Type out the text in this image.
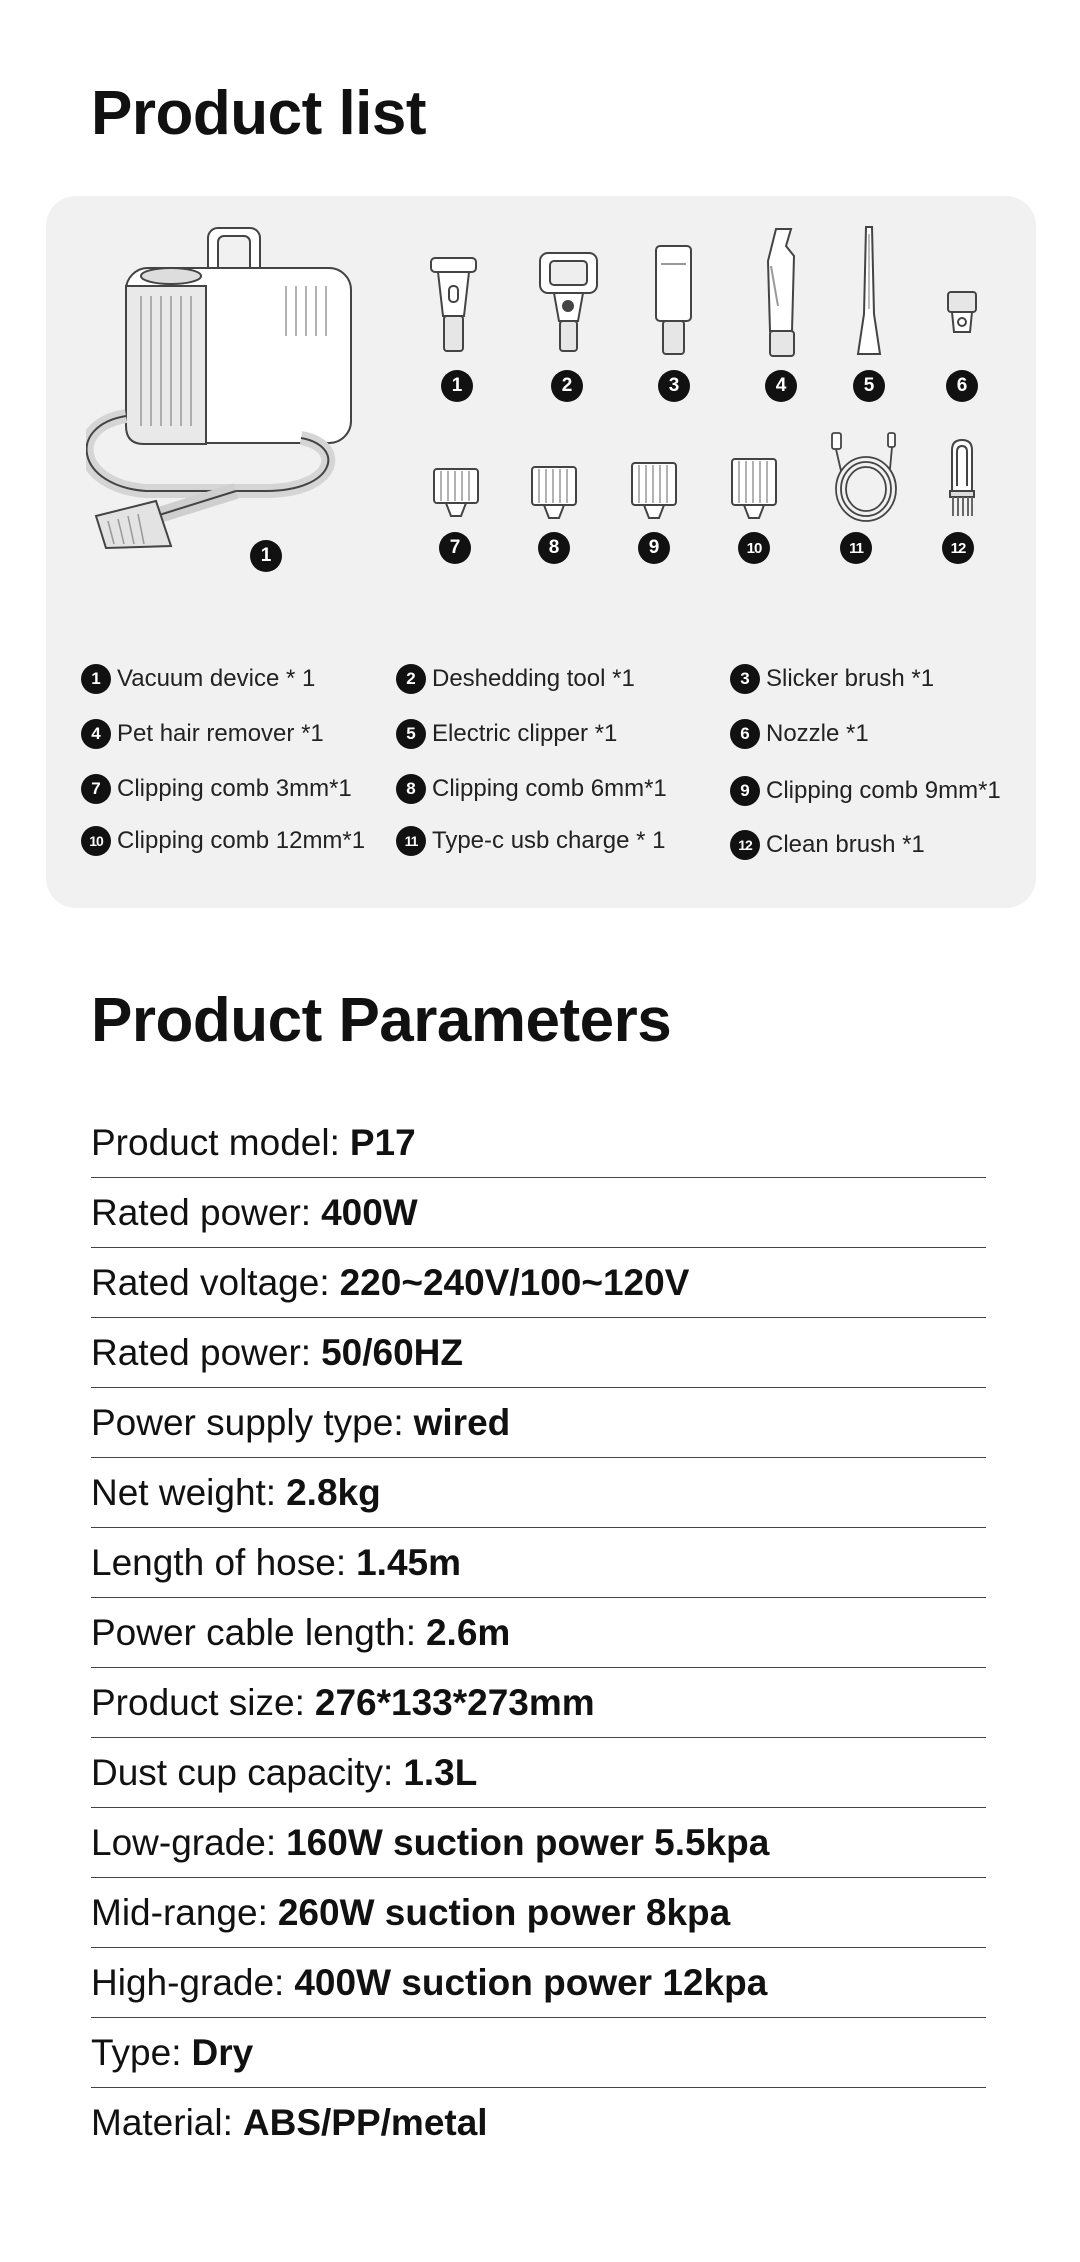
Product list
1
1	2	3	4	5	6
7	8	9	10	11	12
1 Vacuum device * 1	2 Deshedding tool *1	3 Slicker brush *1
4 Pet hair remover *1	5 Electric clipper *1	6 Nozzle *1
7 Clipping comb 3mm*1	8 Clipping comb 6mm*1	9 Clipping comb 9mm*1
10 Clipping comb 12mm*1	11 Type-c usb charge * 1	12 Clean brush *1
Product Parameters
Product model: P17
Rated power: 400W
Rated voltage: 220~240V/100~120V
Rated power: 50/60HZ
Power supply type: wired
Net weight: 2.8kg
Length of hose: 1.45m
Power cable length: 2.6m
Product size: 276*133*273mm
Dust cup capacity: 1.3L
Low-grade: 160W suction power 5.5kpa
Mid-range: 260W suction power 8kpa
High-grade: 400W suction power 12kpa
Type: Dry
Material: ABS/PP/metal
